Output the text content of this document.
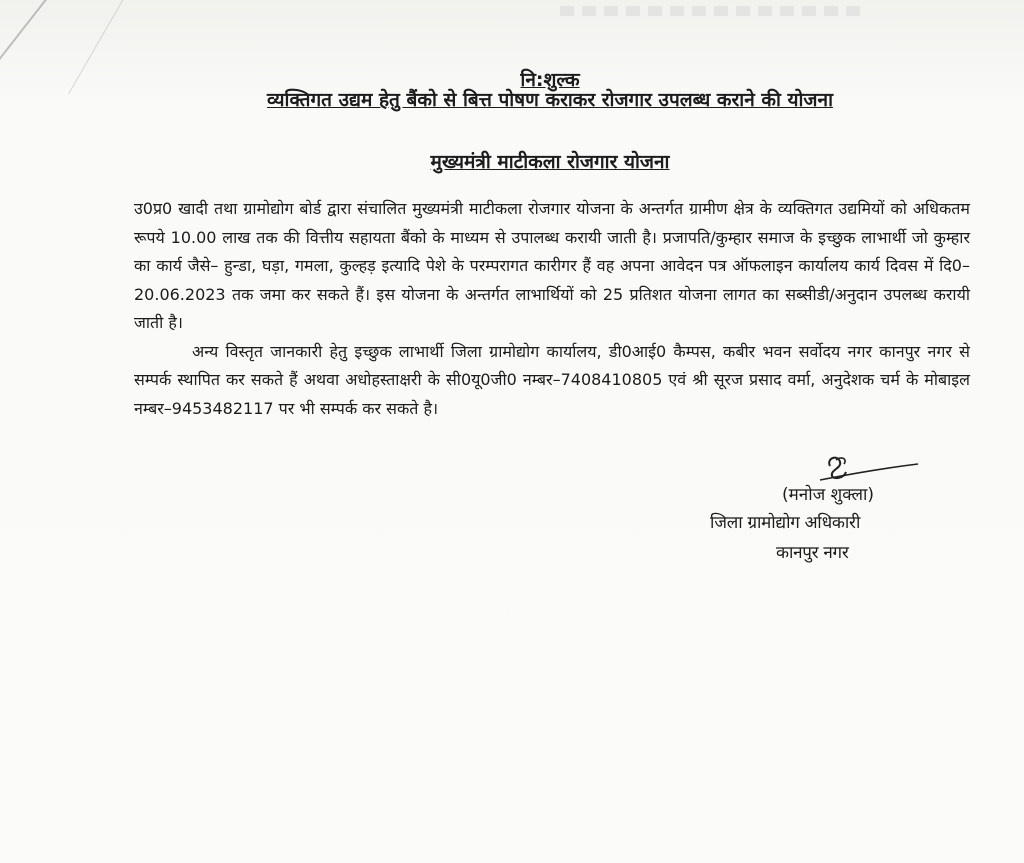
नि:शुल्क
व्यक्तिगत उद्यम हेतु बैंको से बित्त पोषण कराकर रोजगार उपलब्ध कराने की योजना
मुख्यमंत्री माटीकला रोजगार योजना

उ0प्र0 खादी तथा ग्रामोद्योग बोर्ड द्वारा संचालित मुख्यमंत्री माटीकला रोजगार योजना के अन्तर्गत ग्रामीण क्षेत्र के व्यक्तिगत उद्यमियों को अधिकतम रूपये 10.00 लाख तक की वित्तीय सहायता बैंको के माध्यम से उपालब्ध करायी जाती है। प्रजापति/कुम्हार समाज के इच्छुक लाभार्थी जो कुम्हार का कार्य जैसे– हुन्डा, घड़ा, गमला, कुल्हड़ इत्यादि पेशे के परम्परागत कारीगर हैं वह अपना आवेदन पत्र ऑफलाइन कार्यालय कार्य दिवस में दि0–20.06.2023 तक जमा कर सकते हैं। इस योजना के अन्तर्गत लाभार्थियों को 25 प्रतिशत योजना लागत का सब्सीडी/अनुदान उपलब्ध करायी जाती है।

अन्य विस्तृत जानकारी हेतु इच्छुक लाभार्थी जिला ग्रामोद्योग कार्यालय, डी0आई0 कैम्पस, कबीर भवन सर्वोदय नगर कानपुर नगर से सम्पर्क स्थापित कर सकते हैं अथवा अधोहस्ताक्षरी के सी0यू0जी0 नम्बर–7408410805 एवं श्री सूरज प्रसाद वर्मा, अनुदेशक चर्म के मोबाइल नम्बर–9453482117 पर भी सम्पर्क कर सकते है।

(मनोज शुक्ला)
जिला ग्रामोद्योग अधिकारी
कानपुर नगर
